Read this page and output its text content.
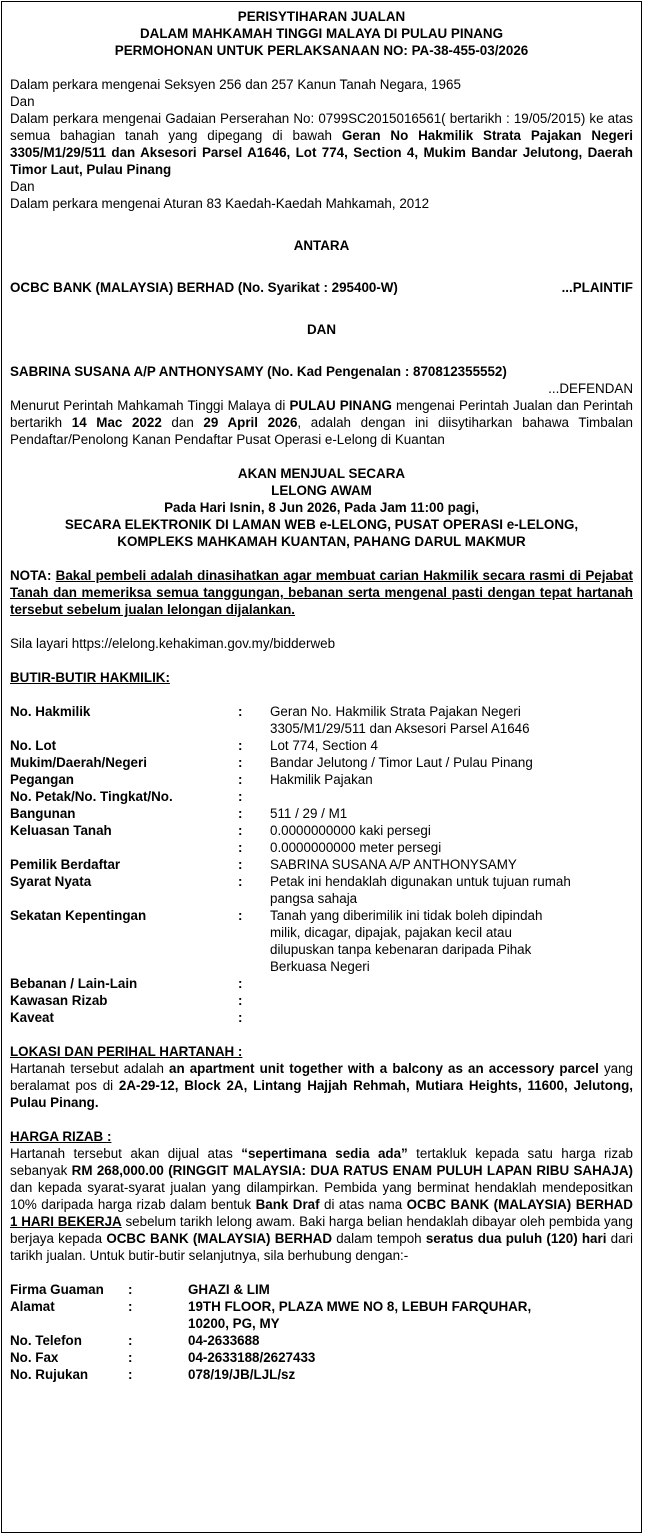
PERISYTIHARAN JUALAN

DALAM MAHKAMAH TINGGI MALAYA DI PULAU PINANG

PERMOHONAN UNTUK PERLAKSANAAN NO: PA-38-455-03/2026

Dalam perkara mengenai Seksyen 256 dan 257 Kanun Tanah Negara, 1965

Dan

Dalam perkara mengenai Gadaian Perserahan No: 0799SC2015016561( bertarikh : 19/05/2015) ke atas semua bahagian tanah yang dipegang di bawah Geran No Hakmilik Strata Pajakan Negeri 3305/M1/29/511 dan Aksesori Parsel A1646, Lot 774, Section 4, Mukim Bandar Jelutong, Daerah Timor Laut, Pulau Pinang

Dan

Dalam perkara mengenai Aturan 83 Kaedah-Kaedah Mahkamah, 2012

ANTARA

OCBC BANK (MALAYSIA) BERHAD (No. Syarikat : 295400-W)	...PLAINTIF

DAN

SABRINA SUSANA A/P ANTHONYSAMY (No. Kad Pengenalan : 870812355552)

...DEFENDAN

Menurut Perintah Mahkamah Tinggi Malaya di PULAU PINANG mengenai Perintah Jualan dan Perintah bertarikh 14 Mac 2022 dan 29 April 2026, adalah dengan ini diisytiharkan bahawa Timbalan Pendaftar/Penolong Kanan Pendaftar Pusat Operasi e-Lelong di Kuantan

AKAN MENJUAL SECARA

LELONG AWAM

Pada Hari Isnin, 8 Jun 2026, Pada Jam 11:00 pagi,

SECARA ELEKTRONIK DI LAMAN WEB e-LELONG, PUSAT OPERASI e-LELONG,

KOMPLEKS MAHKAMAH KUANTAN, PAHANG DARUL MAKMUR

NOTA: Bakal pembeli adalah dinasihatkan agar membuat carian Hakmilik secara rasmi di Pejabat Tanah dan memeriksa semua tanggungan, bebanan serta mengenal pasti dengan tepat hartanah tersebut sebelum jualan lelongan dijalankan.

Sila layari https://elelong.kehakiman.gov.my/bidderweb

BUTIR-BUTIR HAKMILIK:

No. Hakmilik	:	Geran No. Hakmilik Strata Pajakan Negeri
3305/M1/29/511 dan Aksesori Parsel A1646
No. Lot	:	Lot 774, Section 4
Mukim/Daerah/Negeri	:	Bandar Jelutong / Timor Laut / Pulau Pinang
Pegangan	:	Hakmilik Pajakan
No. Petak/No. Tingkat/No.	:
Bangunan	:	511 / 29 / M1
Keluasan Tanah	:	0.0000000000 kaki persegi
:	0.0000000000 meter persegi
Pemilik Berdaftar	:	SABRINA SUSANA A/P ANTHONYSAMY
Syarat Nyata	:	Petak ini hendaklah digunakan untuk tujuan rumah
pangsa sahaja
Sekatan Kepentingan	:	Tanah yang diberimilik ini tidak boleh dipindah
milik, dicagar, dipajak, pajakan kecil atau
dilupuskan tanpa kebenaran daripada Pihak
Berkuasa Negeri
Bebanan / Lain-Lain	:
Kawasan Rizab	:
Kaveat	:

LOKASI DAN PERIHAL HARTANAH :

Hartanah tersebut adalah an apartment unit together with a balcony as an accessory parcel yang beralamat pos di 2A-29-12, Block 2A, Lintang Hajjah Rehmah, Mutiara Heights, 11600, Jelutong, Pulau Pinang.

HARGA RIZAB :

Hartanah tersebut akan dijual atas “sepertimana sedia ada” tertakluk kepada satu harga rizab sebanyak RM 268,000.00 (RINGGIT MALAYSIA: DUA RATUS ENAM PULUH LAPAN RIBU SAHAJA) dan kepada syarat-syarat jualan yang dilampirkan. Pembida yang berminat hendaklah mendepositkan 10% daripada harga rizab dalam bentuk Bank Draf di atas nama OCBC BANK (MALAYSIA) BERHAD 1 HARI BEKERJA sebelum tarikh lelong awam. Baki harga belian hendaklah dibayar oleh pembida yang berjaya kepada OCBC BANK (MALAYSIA) BERHAD dalam tempoh seratus dua puluh (120) hari dari tarikh jualan. Untuk butir-butir selanjutnya, sila berhubung dengan:-

Firma Guaman	:	GHAZI & LIM
Alamat	:	19TH FLOOR, PLAZA MWE NO 8, LEBUH FARQUHAR,
10200, PG, MY
No. Telefon	:	04-2633688
No. Fax	:	04-2633188/2627433
No. Rujukan	:	078/19/JB/LJL/sz
